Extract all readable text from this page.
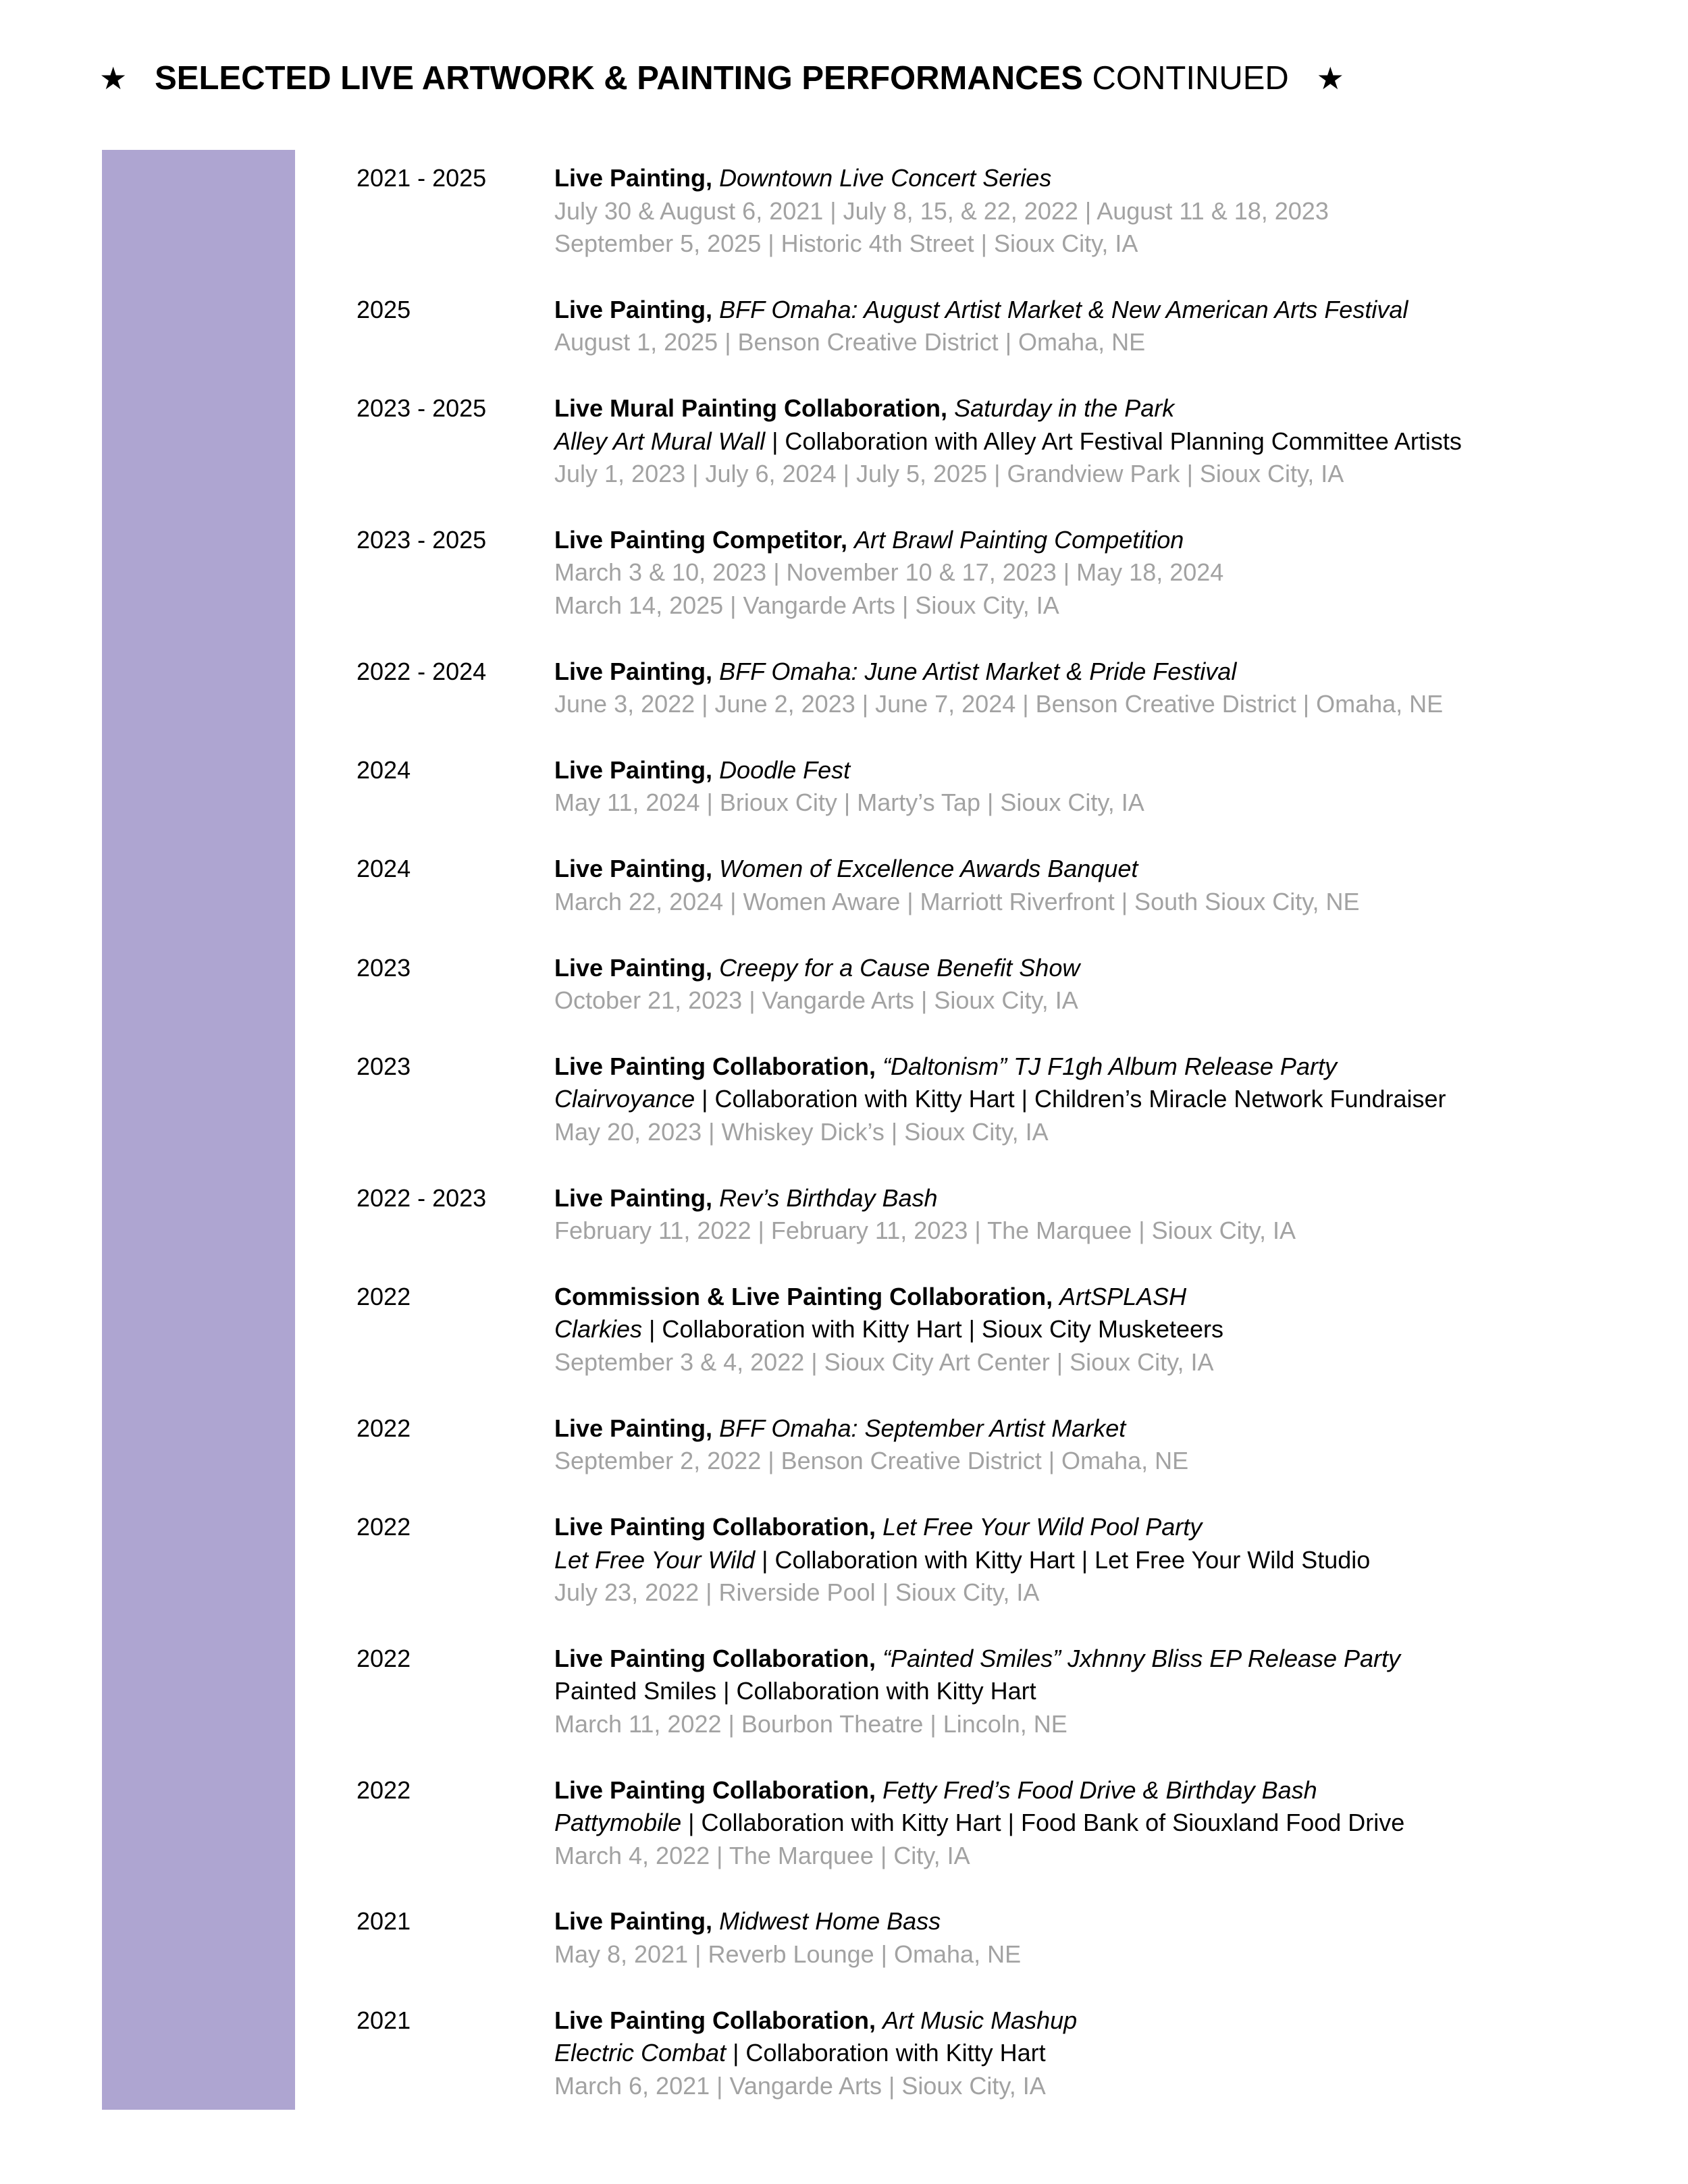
★ SELECTED LIVE ARTWORK & PAINTING PERFORMANCES CONTINUED ★
2021 - 2025	Live Painting, Downtown Live Concert Series
July 30 & August 6, 2021 | July 8, 15, & 22, 2022 | August 11 & 18, 2023
September 5, 2025 | Historic 4th Street | Sioux City, IA
2025	Live Painting, BFF Omaha: August Artist Market & New American Arts Festival
August 1, 2025 | Benson Creative District | Omaha, NE
2023 - 2025	Live Mural Painting Collaboration, Saturday in the Park
Alley Art Mural Wall | Collaboration with Alley Art Festival Planning Committee Artists
July 1, 2023 | July 6, 2024 | July 5, 2025 | Grandview Park | Sioux City, IA
2023 - 2025	Live Painting Competitor, Art Brawl Painting Competition
March 3 & 10, 2023 | November 10 & 17, 2023 | May 18, 2024
March 14, 2025 | Vangarde Arts | Sioux City, IA
2022 - 2024	Live Painting, BFF Omaha: June Artist Market & Pride Festival
June 3, 2022 | June 2, 2023 | June 7, 2024 | Benson Creative District | Omaha, NE
2024	Live Painting, Doodle Fest
May 11, 2024 | Brioux City | Marty’s Tap | Sioux City, IA
2024	Live Painting, Women of Excellence Awards Banquet
March 22, 2024 | Women Aware | Marriott Riverfront | South Sioux City, NE
2023	Live Painting, Creepy for a Cause Benefit Show
October 21, 2023 | Vangarde Arts | Sioux City, IA
2023	Live Painting Collaboration, “Daltonism” TJ F1gh Album Release Party
Clairvoyance | Collaboration with Kitty Hart | Children’s Miracle Network Fundraiser
May 20, 2023 | Whiskey Dick’s | Sioux City, IA
2022 - 2023	Live Painting, Rev’s Birthday Bash
February 11, 2022 | February 11, 2023 | The Marquee | Sioux City, IA
2022	Commission & Live Painting Collaboration, ArtSPLASH
Clarkies | Collaboration with Kitty Hart | Sioux City Musketeers
September 3 & 4, 2022 | Sioux City Art Center | Sioux City, IA
2022	Live Painting, BFF Omaha: September Artist Market
September 2, 2022 | Benson Creative District | Omaha, NE
2022	Live Painting Collaboration, Let Free Your Wild Pool Party
Let Free Your Wild | Collaboration with Kitty Hart | Let Free Your Wild Studio
July 23, 2022 | Riverside Pool | Sioux City, IA
2022	Live Painting Collaboration, “Painted Smiles” Jxhnny Bliss EP Release Party
Painted Smiles | Collaboration with Kitty Hart
March 11, 2022 | Bourbon Theatre | Lincoln, NE
2022	Live Painting Collaboration, Fetty Fred’s Food Drive & Birthday Bash
Pattymobile | Collaboration with Kitty Hart | Food Bank of Siouxland Food Drive
March 4, 2022 | The Marquee | City, IA
2021	Live Painting, Midwest Home Bass
May 8, 2021 | Reverb Lounge | Omaha, NE
2021	Live Painting Collaboration, Art Music Mashup
Electric Combat | Collaboration with Kitty Hart
March 6, 2021 | Vangarde Arts | Sioux City, IA
